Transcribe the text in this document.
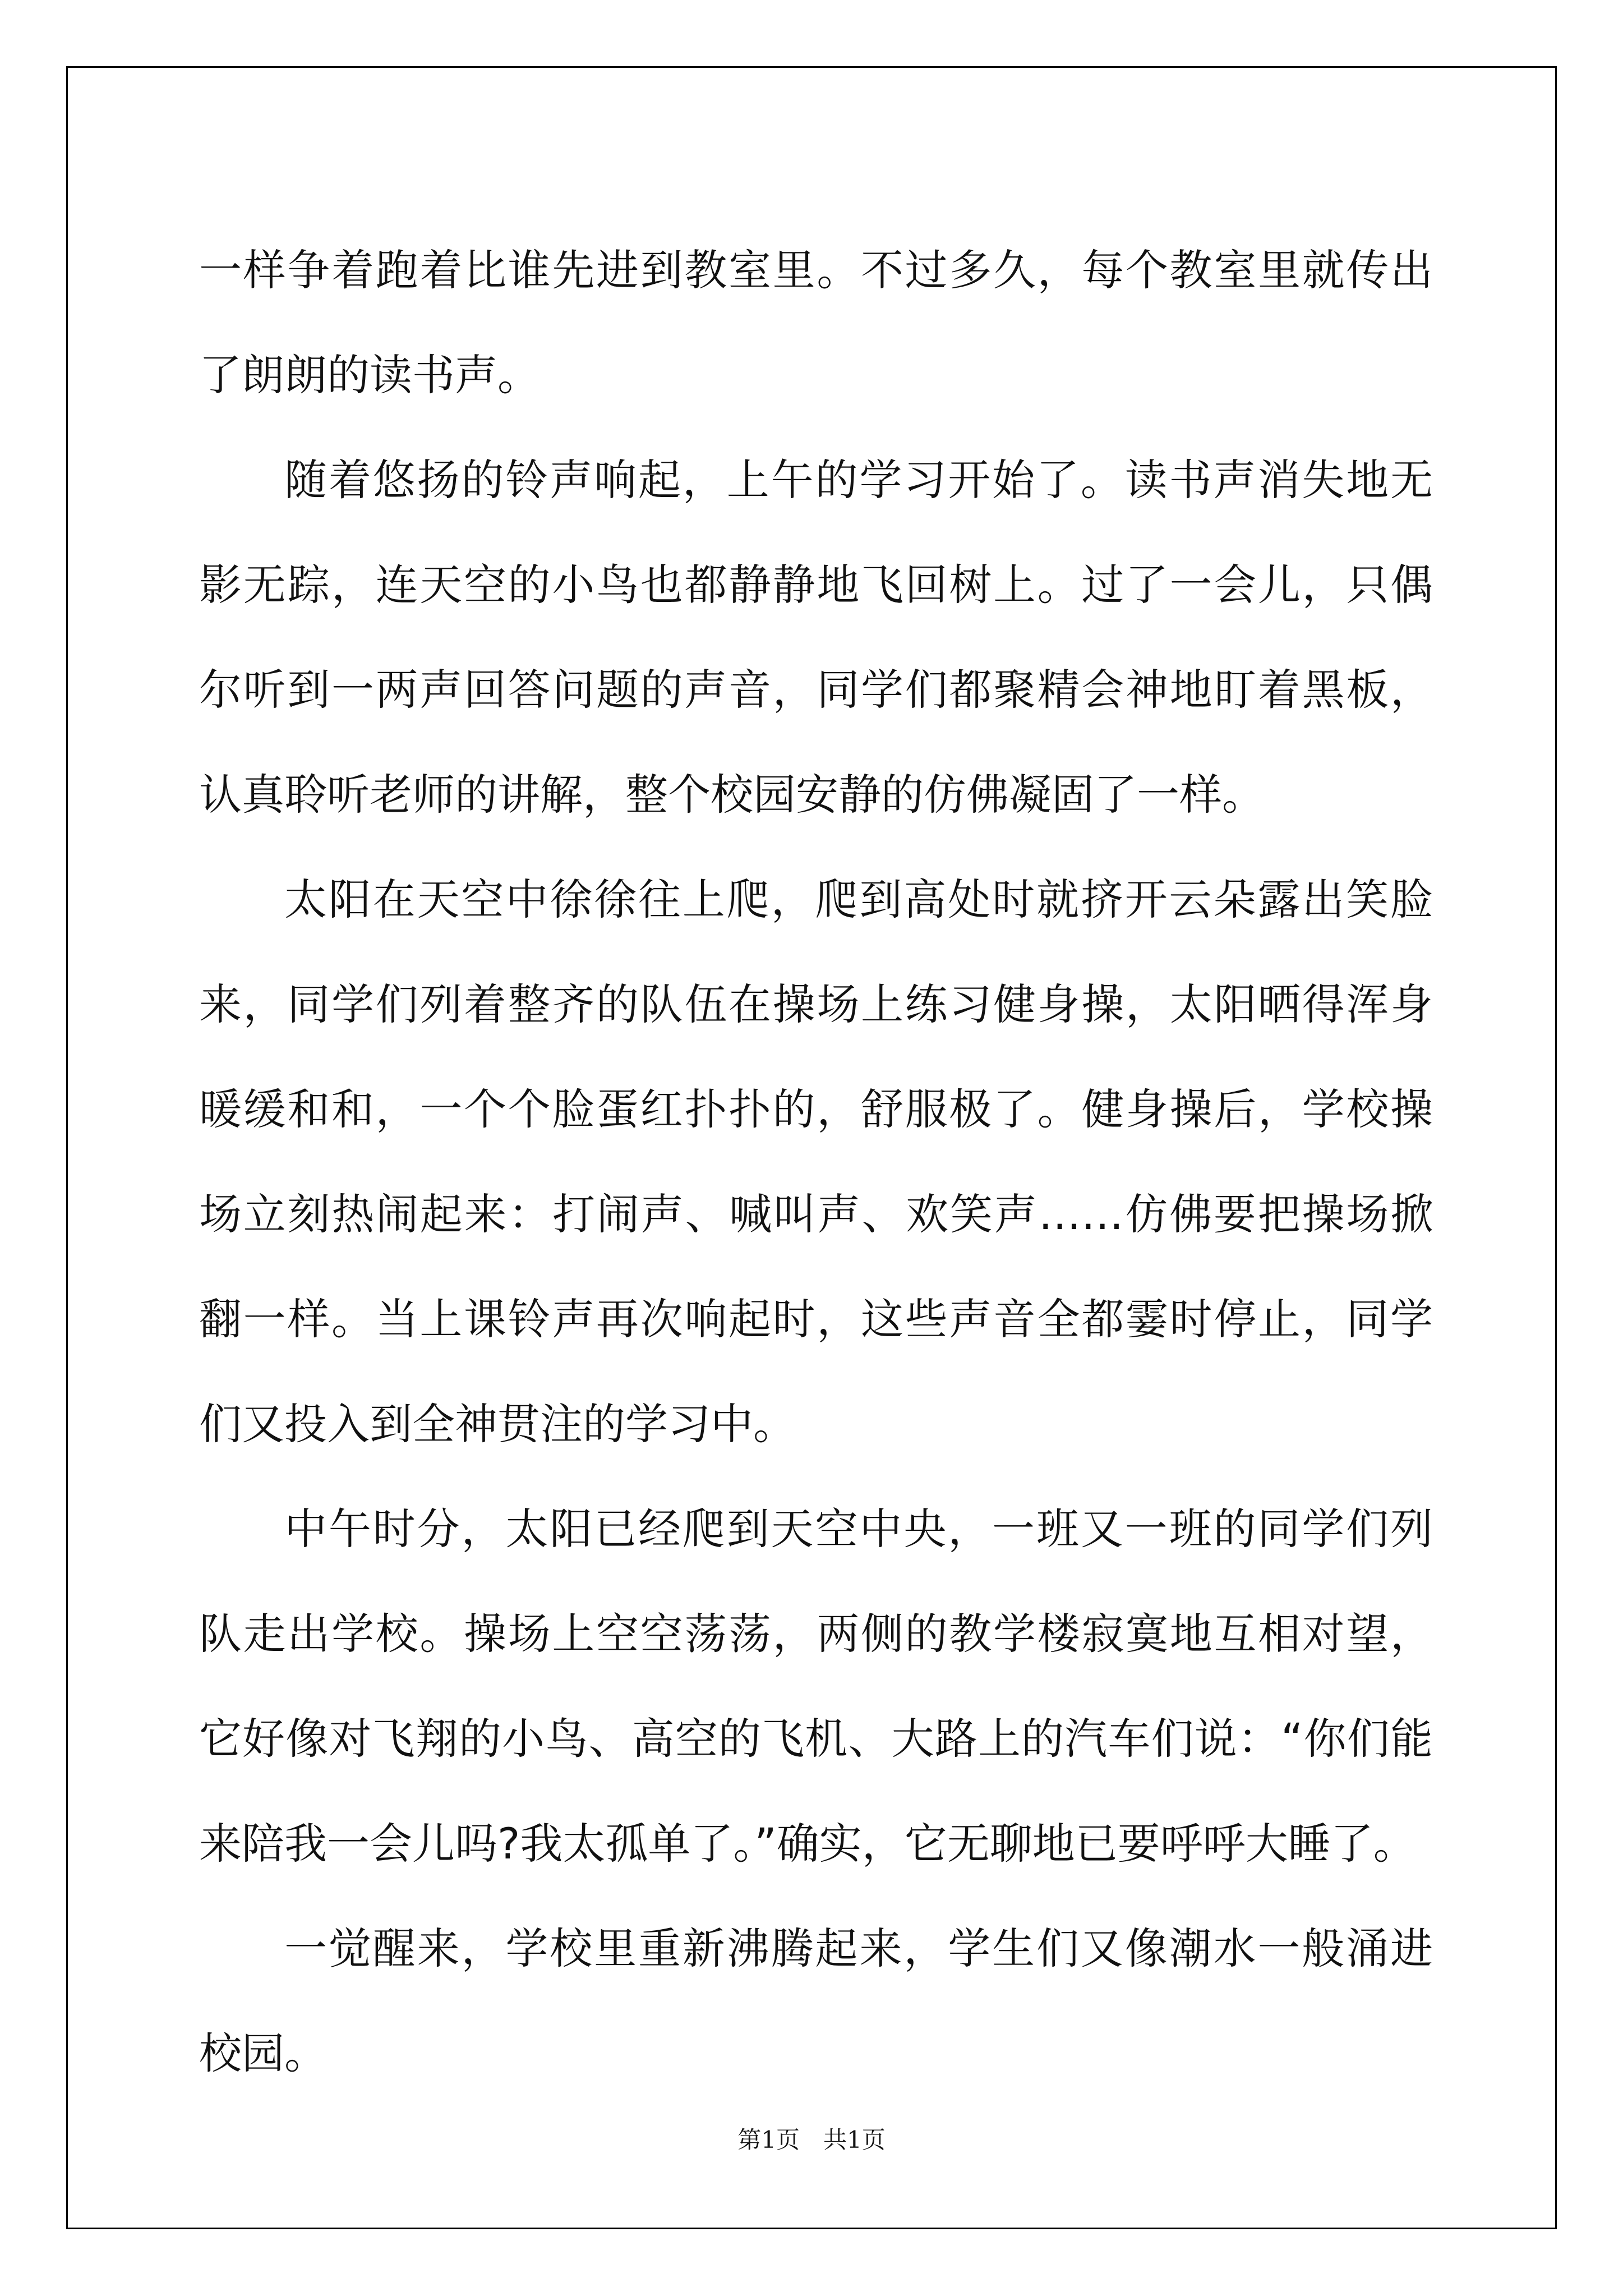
一样争着跑着比谁先进到教室里。不过多久，每个教室里就传出了朗朗的读书声。

随着悠扬的铃声响起，上午的学习开始了。读书声消失地无影无踪，连天空的小鸟也都静静地飞回树上。过了一会儿，只偶尔听到一两声回答问题的声音，同学们都聚精会神地盯着黑板，认真聆听老师的讲解，整个校园安静的仿佛凝固了一样。

太阳在天空中徐徐往上爬，爬到高处时就挤开云朵露出笑脸来，同学们列着整齐的队伍在操场上练习健身操，太阳晒得浑身暖缓和和，一个个脸蛋红扑扑的，舒服极了。健身操后，学校操场立刻热闹起来：打闹声、喊叫声、欢笑声……仿佛要把操场掀翻一样。当上课铃声再次响起时，这些声音全都霎时停止，同学们又投入到全神贯注的学习中。

中午时分，太阳已经爬到天空中央，一班又一班的同学们列队走出学校。操场上空空荡荡，两侧的教学楼寂寞地互相对望，它好像对飞翔的小鸟、高空的飞机、大路上的汽车们说：“你们能来陪我一会儿吗?我太孤单了。”确实，它无聊地已要呼呼大睡了。

一觉醒来，学校里重新沸腾起来，学生们又像潮水一般涌进校园。

第1页　共1页
